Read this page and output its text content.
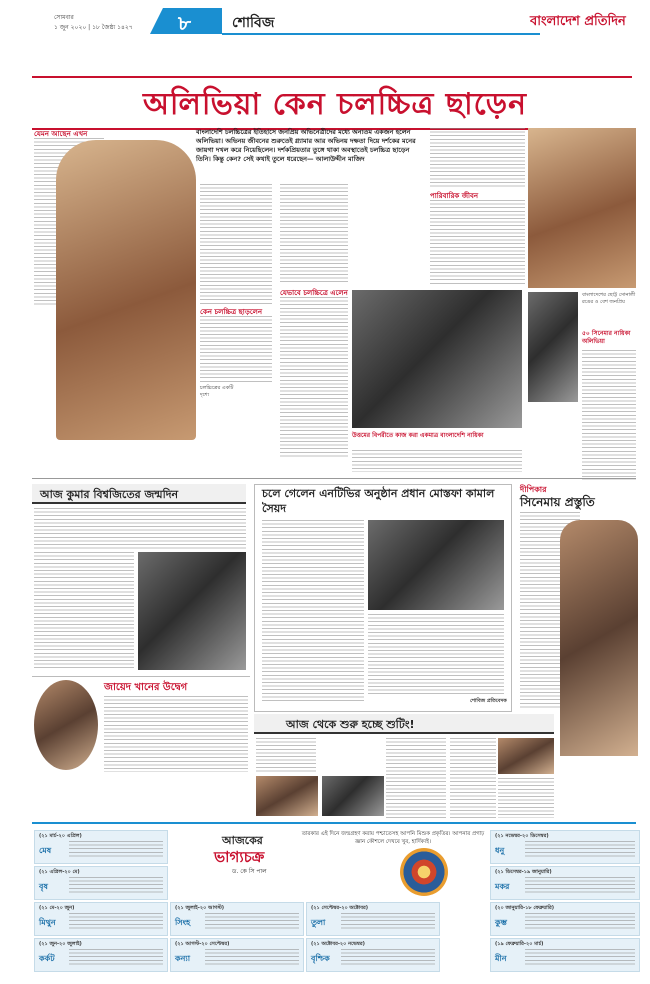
সোমবার
১ জুন ২০২০ | ১৮ জৈষ্ঠ্য ১৪২৭ ৮	শোবিজ	বাংলাদেশ প্রতিদিন
অলিভিয়া কেন চলচ্চিত্র ছাড়েন
যেমন আছেন এখন
চলচ্চিত্রের একটি দৃশ্যে
বাংলাদেশি চলচ্চিত্রের ইতিহাসে জনপ্রিয় অভিনেত্রীদের মধ্যে অন্যতম একজন হলেন অলিভিয়া। অভিনয় জীবনের শুরুতেই গ্ল্যামার আর অভিনয় দক্ষতা দিয়ে দর্শকের মনের জায়গা দখল করে নিয়েছিলেন। দর্শকপ্রিয়তার তুঙ্গে থাকা অবস্থাতেই চলচ্চিত্র ছাড়েন তিনি। কিন্তু কেন? সেই কথাই তুলে ধরেছেন— আলাউদ্দীন মাজিদ
কেন চলচ্চিত্র ছাড়লেন
যেভাবে চলচ্চিত্রে এলেন
উত্তমের বিপরীতে কাজ করা একমাত্র বাংলাদেশি নায়িকা
পারিবারিক জীবন
বাংলাদেশের ছোট্ট সোনালী রঙের ও বেশ জনপ্রিয়
৫০ সিনেমার নায়িকা অলিভিয়া
আজ কুমার বিশ্বজিতের জন্মদিন	চলে গেলেন এনটিভির অনুষ্ঠান প্রধান মোস্তফা কামাল সৈয়দ
শোবিজ প্রতিবেদক
দীপিকার
সিনেমায় প্রস্তুতি
জায়েদ খানের উদ্বেগ
আজ থেকে শুরু হচ্ছে শুটিং!
আজকের
ভাগ্যচক্র
ড. কে সি পাল
তারকার এই দিনে জন্মগ্রহণ করায় পশ্চাতেসহ আপনি মিশুক প্রকৃতির। আপনার প্রগাঢ় জ্ঞান কৌশলে দেখবে খুব, হার্দিক্যই।
(২১ মার্চ-২০ এপ্রিল)
মেষ
(২১ এপ্রিল-২০ মে)
বৃষ
(২১ মে-২০ জুন)
মিথুন
(২১ জুন-২০ জুলাই)
কর্কট
(২১ জুলাই-২০ আগস্ট)
সিংহ
(২১ আগস্ট-২০ সেপ্টেম্বর)
কন্যা
(২১ সেপ্টেম্বর-২০ অক্টোবর)
তুলা
(২১ অক্টোবর-২০ নভেম্বর)
বৃশ্চিক
(২১ নভেম্বর-২০ ডিসেম্বর)
ধনু
(২১ ডিসেম্বর-১৯ জানুয়ারি)
মকর
(২০ জানুয়ারি-১৮ ফেব্রুয়ারি)
কুম্ভ
(১৯ ফেব্রুয়ারি-২০ মার্চ)
মীন
